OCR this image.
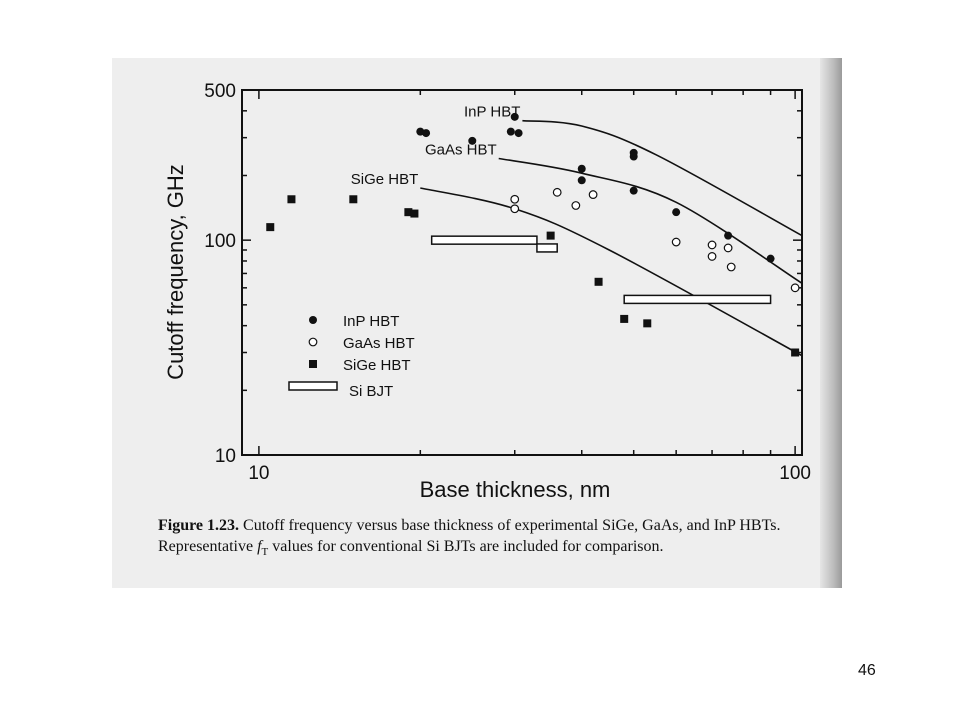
10
100
500
10	100
InP HBT
GaAs HBT
SiGe HBT
Base thickness, nm
Cutoff frequency, GHz	InP HBT
GaAs HBT
SiGe HBT
Si BJT
Figure 1.23. Cutoff frequency versus base thickness of experimental SiGe, GaAs, and InP HBTs. Representative $f_T$ values for conventional Si BJTs are included for comparison.
46
